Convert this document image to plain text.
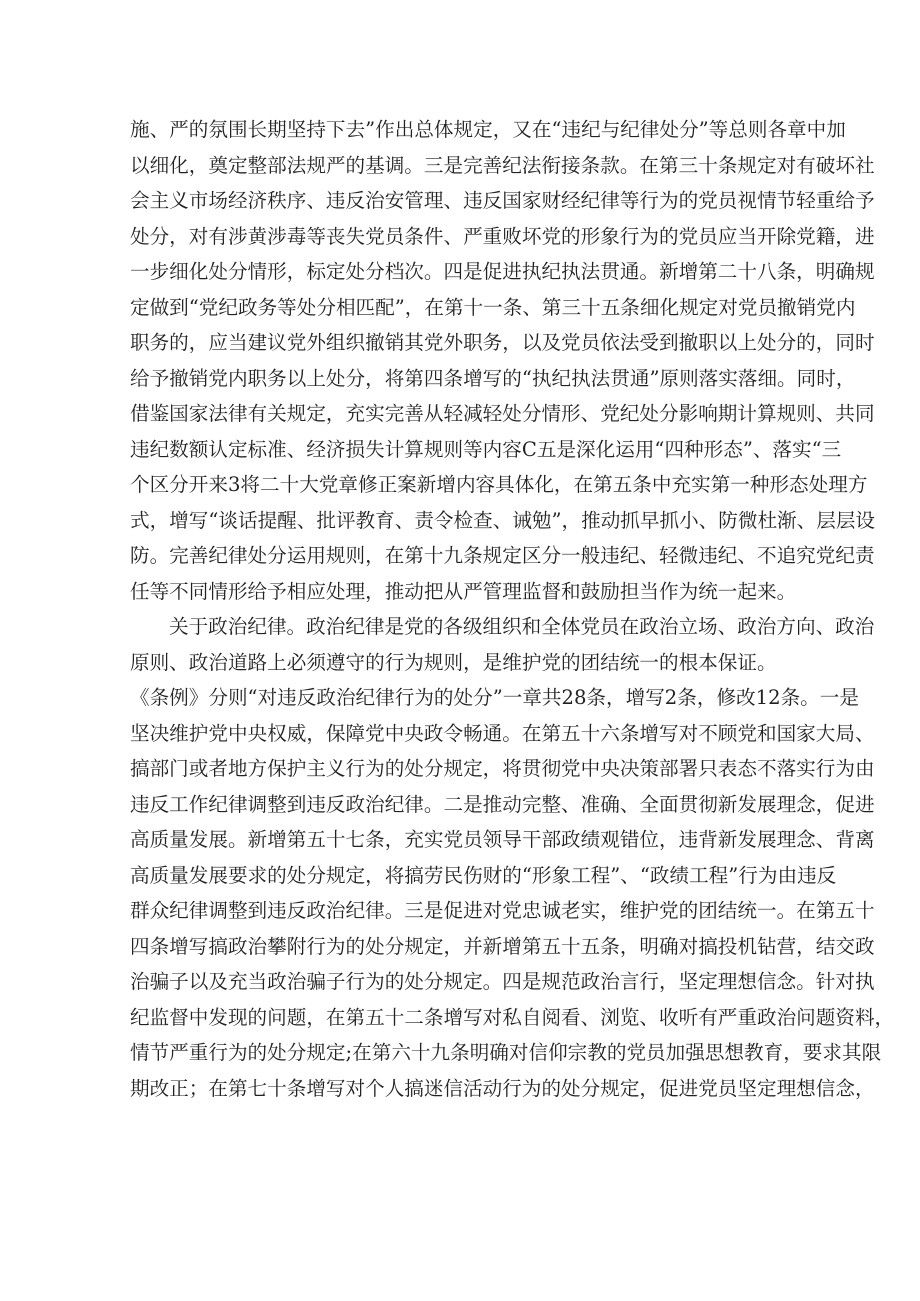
施、严的氛围长期坚持下去”作出总体规定，又在“违纪与纪律处分”等总则各章中加
以细化，奠定整部法规严的基调。三是完善纪法衔接条款。在第三十条规定对有破坏社
会主义市场经济秩序、违反治安管理、违反国家财经纪律等行为的党员视情节轻重给予
处分，对有涉黄涉毒等丧失党员条件、严重败坏党的形象行为的党员应当开除党籍，进
一步细化处分情形，标定处分档次。四是促进执纪执法贯通。新增第二十八条，明确规
定做到“党纪政务等处分相匹配”，在第十一条、第三十五条细化规定对党员撤销党内
职务的，应当建议党外组织撤销其党外职务，以及党员依法受到撤职以上处分的，同时
给予撤销党内职务以上处分，将第四条增写的“执纪执法贯通”原则落实落细。同时，
借鉴国家法律有关规定，充实完善从轻减轻处分情形、党纪处分影响期计算规则、共同
违纪数额认定标准、经济损失计算规则等内容C五是深化运用“四种形态”、落实“三
个区分开来3将二十大党章修正案新增内容具体化，在第五条中充实第一种形态处理方
式，增写“谈话提醒、批评教育、责令检查、诫勉”，推动抓早抓小、防微杜渐、层层设
防。完善纪律处分运用规则，在第十九条规定区分一般违纪、轻微违纪、不追究党纪责
任等不同情形给予相应处理，推动把从严管理监督和鼓励担当作为统一起来。
关于政治纪律。政治纪律是党的各级组织和全体党员在政治立场、政治方向、政治
原则、政治道路上必须遵守的行为规则，是维护党的团结统一的根本保证。
《条例》分则“对违反政治纪律行为的处分”一章共28条，增写2条，修改12条。一是
坚决维护党中央权威，保障党中央政令畅通。在第五十六条增写对不顾党和国家大局、
搞部门或者地方保护主义行为的处分规定，将贯彻党中央决策部署只表态不落实行为由
违反工作纪律调整到违反政治纪律。二是推动完整、准确、全面贯彻新发展理念，促进
高质量发展。新增第五十七条，充实党员领导干部政绩观错位，违背新发展理念、背离
高质量发展要求的处分规定，将搞劳民伤财的“形象工程”、“政绩工程”行为由违反
群众纪律调整到违反政治纪律。三是促进对党忠诚老实，维护党的团结统一。在第五十
四条增写搞政治攀附行为的处分规定，并新增第五十五条，明确对搞投机钻营，结交政
治骗子以及充当政治骗子行为的处分规定。四是规范政治言行，坚定理想信念。针对执
纪监督中发现的问题，在第五十二条增写对私自阅看、浏览、收听有严重政治问题资料，
情节严重行为的处分规定;在第六十九条明确对信仰宗教的党员加强思想教育，要求其限
期改正；在第七十条增写对个人搞迷信活动行为的处分规定，促进党员坚定理想信念，
